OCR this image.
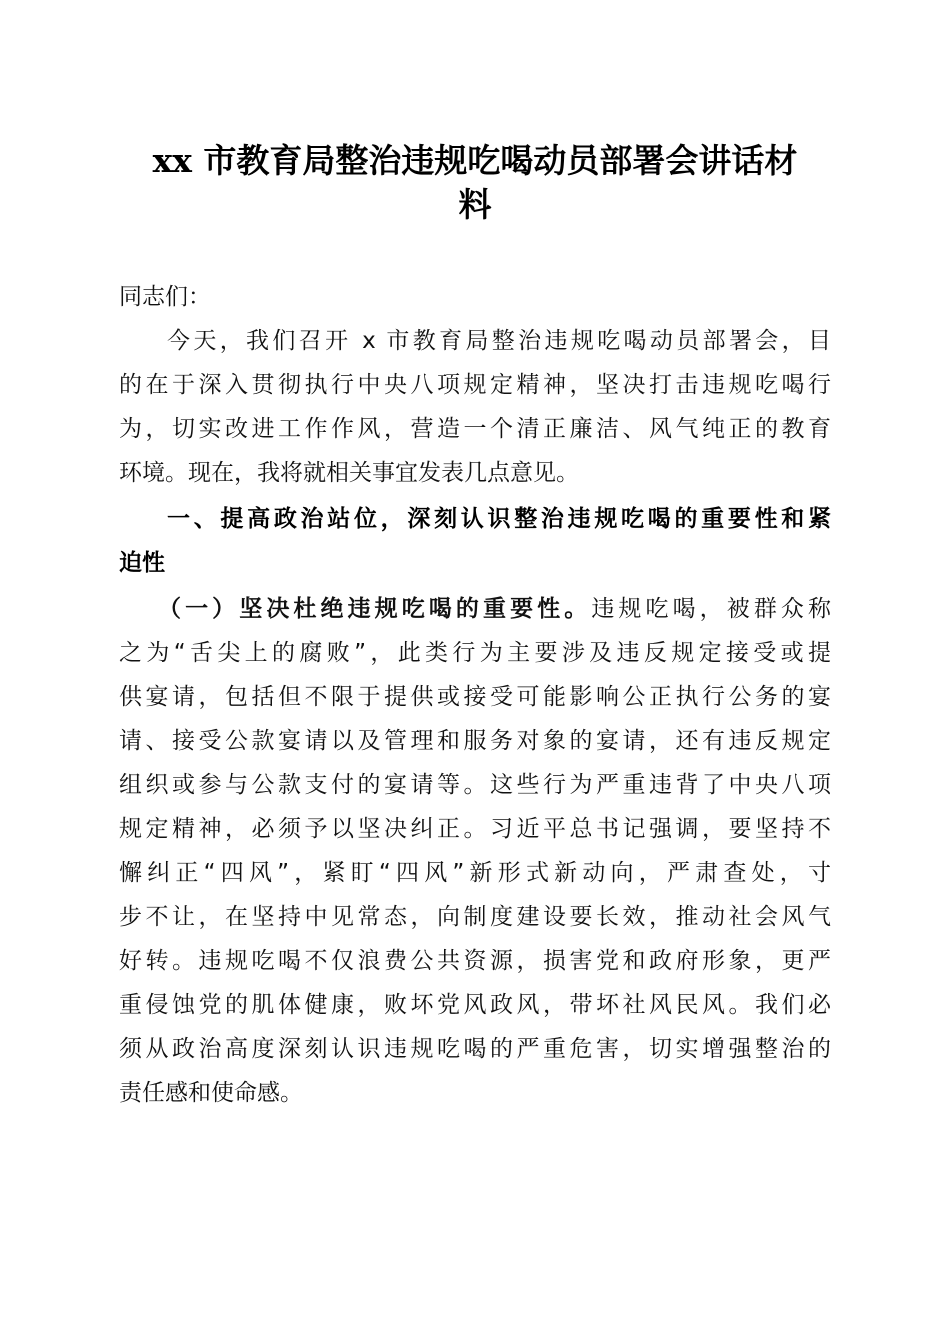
xx 市教育局整治违规吃喝动员部署会讲话材
料
同志们：
今天，我们召开 x 市教育局整治违规吃喝动员部署会，目
的在于深入贯彻执行中央八项规定精神，坚决打击违规吃喝行
为，切实改进工作作风，营造一个清正廉洁、风气纯正的教育
环境。现在，我将就相关事宜发表几点意见。
一、提高政治站位，深刻认识整治违规吃喝的重要性和紧
迫性
（一）坚决杜绝违规吃喝的重要性。违规吃喝，被群众称
之为“舌尖上的腐败”，此类行为主要涉及违反规定接受或提
供宴请，包括但不限于提供或接受可能影响公正执行公务的宴
请、接受公款宴请以及管理和服务对象的宴请，还有违反规定
组织或参与公款支付的宴请等。这些行为严重违背了中央八项
规定精神，必须予以坚决纠正。习近平总书记强调，要坚持不
懈纠正“四风”，紧盯“四风”新形式新动向，严肃查处，寸
步不让，在坚持中见常态，向制度建设要长效，推动社会风气
好转。违规吃喝不仅浪费公共资源，损害党和政府形象，更严
重侵蚀党的肌体健康，败坏党风政风，带坏社风民风。我们必
须从政治高度深刻认识违规吃喝的严重危害，切实增强整治的
责任感和使命感。
